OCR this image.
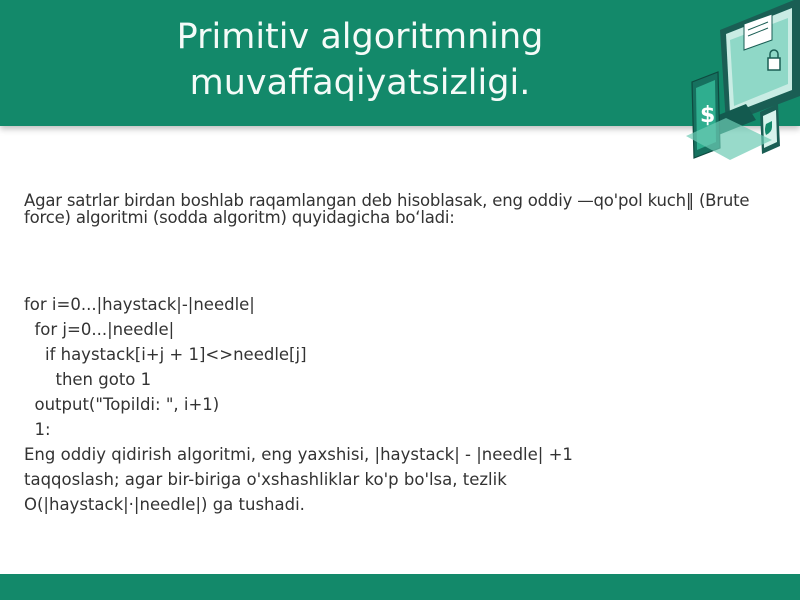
Primitiv algoritmning
muvaffaqiyatsizligi.
$

Agar satrlar birdan boshlab raqamlangan deb hisoblasak, eng oddiy —qo'pol kuch‖ (Brute force) algoritmi (sodda algoritm) quyidagicha bo‘ladi:

for i=0...|haystack|-|needle|
for j=0...|needle|
if haystack[i+j + 1]<>needle[j]
then goto 1
output("Topildi: ", i+1)
1:
Eng oddiy qidirish algoritmi, eng yaxshisi, |haystack| - |needle| +1
taqqoslash; agar bir-biriga o'xshashliklar ko'p bo'lsa, tezlik
O(|haystack|·|needle|) ga tushadi.
